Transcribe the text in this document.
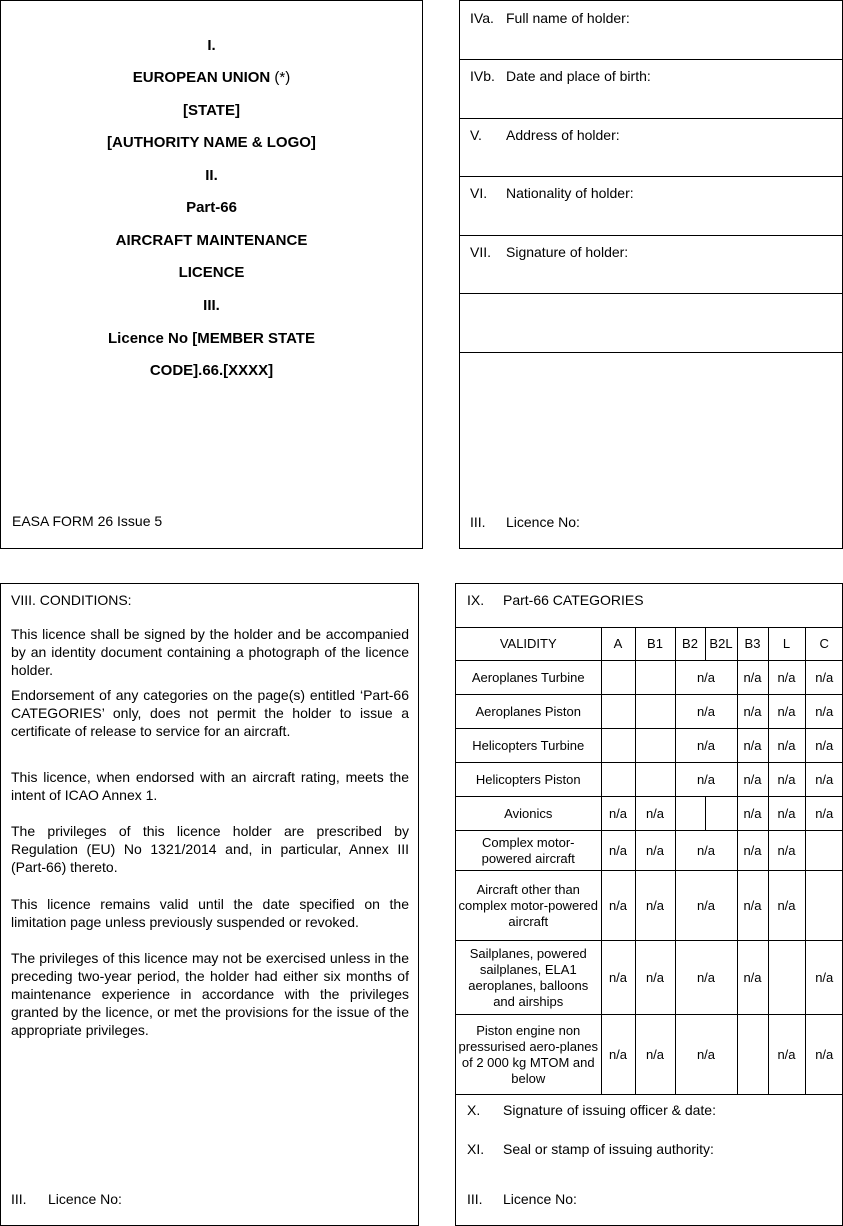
I.
EUROPEAN UNION (*)
[STATE]
[AUTHORITY NAME & LOGO]
II.
Part-66
AIRCRAFT MAINTENANCE
LICENCE
III.
Licence No [MEMBER STATE
CODE].66.[XXXX]
EASA FORM 26 Issue 5
IVa. Full name of holder:
IVb. Date and place of birth:
V. Address of holder:
VI. Nationality of holder:
VII. Signature of holder:
III. Licence No:
VIII. CONDITIONS:

This licence shall be signed by the holder and be accompanied by an identity document containing a photograph of the licence holder.

Endorsement of any categories on the page(s) entitled ‘Part-66 CATEGORIES’ only, does not permit the holder to issue a certificate of release to service for an aircraft.

This licence, when endorsed with an aircraft rating, meets the intent of ICAO Annex 1.

The privileges of this licence holder are prescribed by Regulation (EU) No 1321/2014 and, in particular, Annex III (Part-66) thereto.

This licence remains valid until the date specified on the limitation page unless previously suspended or revoked.

The privileges of this licence may not be exercised unless in the preceding two-year period, the holder had either six months of maintenance experience in accordance with the privileges granted by the licence, or met the provisions for the issue of the appropriate privileges.

III. Licence No:
IX. Part-66 CATEGORIES
VALIDITY	A	B1	B2	B2L	B3	L	C
Aeroplanes Turbine			n/a		n/a	n/a	n/a
Aeroplanes Piston			n/a		n/a	n/a	n/a
Helicopters Turbine			n/a		n/a	n/a	n/a
Helicopters Piston			n/a		n/a	n/a	n/a
Avionics	n/a	n/a			n/a	n/a	n/a
Complex motor-powered aircraft	n/a	n/a	n/a		n/a	n/a	
Aircraft other than complex motor-powered aircraft	n/a	n/a	n/a		n/a	n/a	
Sailplanes, powered sailplanes, ELA1 aeroplanes, balloons and airships	n/a	n/a	n/a		n/a		n/a
Piston engine non pressurised aero-planes of 2 000 kg MTOM and below	n/a	n/a	n/a			n/a	n/a
X. Signature of issuing officer & date:
XI. Seal or stamp of issuing authority:
III. Licence No:
